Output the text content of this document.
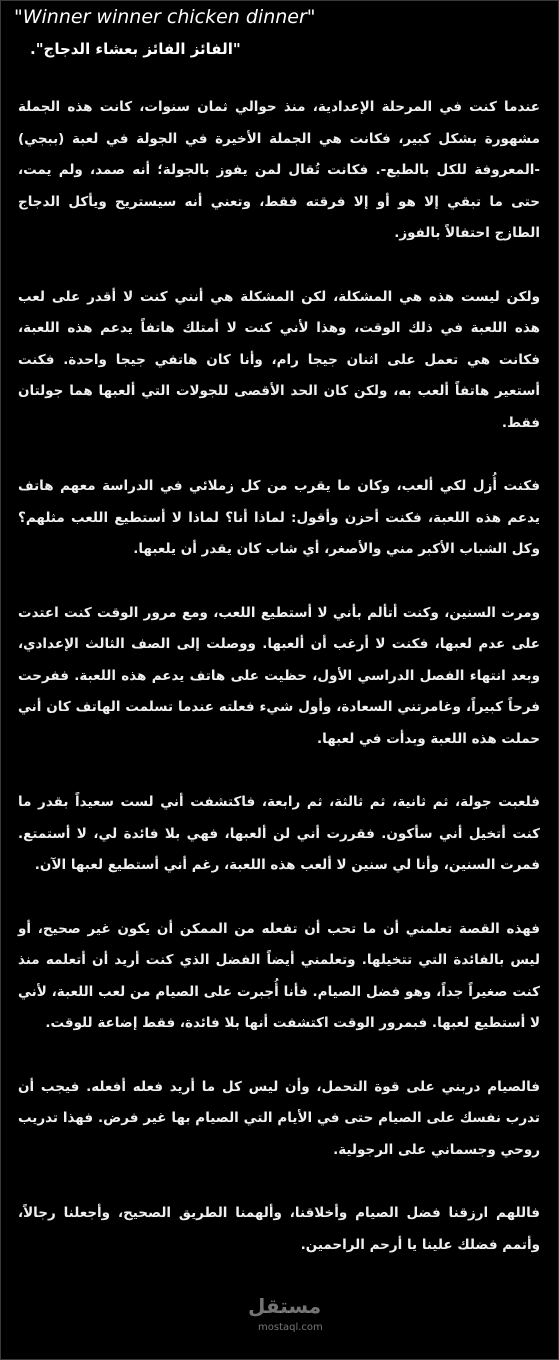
"Winner winner chicken dinner"
"الفائز الفائز بعشاء الدجاج".

عندما كنت في المرحلة الإعدادية، منذ حوالي ثمان سنوات، كانت هذه الجملة مشهورة بشكل كبير، فكانت هي الجملة الأخيرة في الجولة في لعبة (ببجي) -المعروفة للكل بالطبع-. فكانت تُقال لمن يفوز بالجولة؛ أنه صمد، ولم يمت، حتى ما تبقي إلا هو أو إلا فرقته فقط، وتعني أنه سيستريح ويأكل الدجاج الطازج احتفالاً بالفوز.

ولكن ليست هذه هي المشكلة، لكن المشكلة هي أنني كنت لا أقدر على لعب هذه اللعبة في ذلك الوقت، وهذا لأني كنت لا أمتلك هاتفاً يدعم هذه اللعبة، فكانت هي تعمل على اثنان جيجا رام، وأنا كان هاتفي جيجا واحدة. فكنت أستعير هاتفاً ألعب به، ولكن كان الحد الأقصى للجولات التي ألعبها هما جولتان فقط.

فكنت أُزل لكي ألعب، وكان ما يقرب من كل زملائي في الدراسة معهم هاتف يدعم هذه اللعبة، فكنت أحزن وأقول: لماذا أنا؟ لماذا لا أستطيع اللعب مثلهم؟ وكل الشباب الأكبر مني والأصغر، أي شاب كان يقدر أن يلعبها.

ومرت السنين، وكنت أتألم بأني لا أستطيع اللعب، ومع مرور الوقت كنت اعتدت على عدم لعبها، فكنت لا أرغب أن ألعبها. ووصلت إلى الصف الثالث الإعدادي، وبعد انتهاء الفصل الدراسي الأول، حظيت على هاتف يدعم هذه اللعبة. ففرحت فرحاً كبيراً، وغامرتني السعادة، وأول شيء فعلته عندما تسلمت الهاتف كان أني حملت هذه اللعبة وبدأت في لعبها.

فلعبت جولة، ثم ثانية، ثم ثالثة، ثم رابعة، فاكتشفت أني لست سعيداً بقدر ما كنت أتخيل أني سأكون. فقررت أني لن ألعبها، فهي بلا فائدة لي، لا أستمتع. فمرت السنين، وأنا لي سنين لا ألعب هذه اللعبة، رغم أني أستطيع لعبها الآن.

فهذه القصة تعلمني أن ما تحب أن تفعله من الممكن أن يكون غير صحيح، أو ليس بالفائدة التي تتخيلها. وتعلمني أيضاً الفضل الذي كنت أريد أن أتعلمه منذ كنت صغيراً جداً، وهو فضل الصيام. فأنا أُجبرت على الصيام من لعب اللعبة، لأني لا أستطيع لعبها. فبمرور الوقت اكتشفت أنها بلا فائدة، فقط إضاعة للوقت.

فالصيام دربني على قوة التحمل، وأن ليس كل ما أريد فعله أفعله. فيجب أن تدرب نفسك على الصيام حتى في الأيام التي الصيام بها غير فرض. فهذا تدريب روحي وجسماني على الرجولية.

فاللهم ارزقنا فضل الصيام وأخلاقنا، وألهمنا الطريق الصحيح، وأجعلنا رجالاً، وأتمم فضلك علينا يا أرحم الراحمين.

مستقل
mostaql.com
